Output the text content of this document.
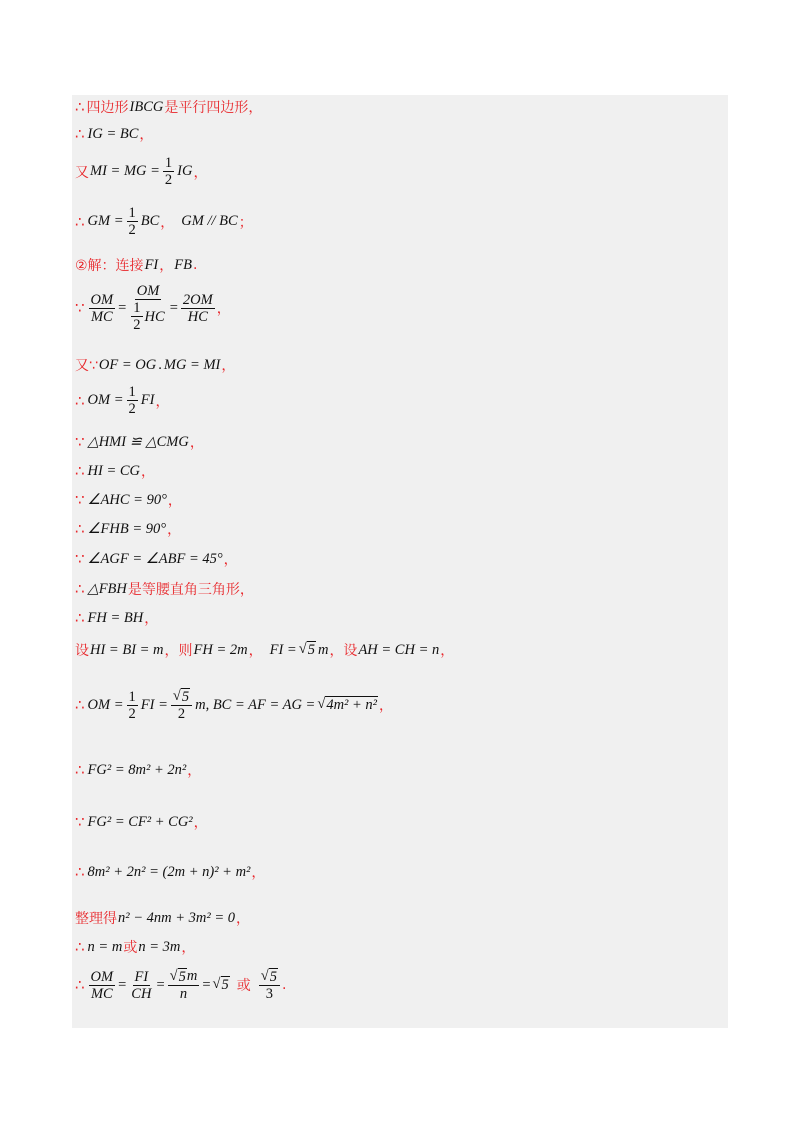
∴ 四边形 IBCG 是平行四边形，
∴ IG = BC ，
又 MI = MG = $\frac{1}{2}$ IG ，
∴ GM = $\frac{1}{2}$ BC ， GM // BC ；
②解：连接 FI ， FB .
∵ $\frac{OM}{MC}$ = OM
1
2
HC = $\frac{2OM}{HC}$ ，
又∵ OF = OG . MG = MI ，
∴ OM = $\frac{1}{2}$ FI ，
∵ △HMI ≌ △CMG ，
∴ HI = CG ，
∵ ∠AHC = 90° ，
∴ ∠FHB = 90° ，
∵ ∠AGF = ∠ABF = 45° ，
∴ △FBH 是等腰直角三角形，
∴ FH = BH ，
设 HI = BI = m ，则 FH = 2m ， FI = √ 5 m ，设 AH = CH = n ，
∴ OM = $\frac{1}{2}$ FI = $\frac{√ 5}{2} m$, BC = AF = AG = √ 4m² + n² ，
∴ FG² = 8m² + 2n² ，
∵ FG² = CF² + CG² ，
∴ 8m² + 2n² = (2m + n)² + m² ，
整理得 n² − 4nm + 3m² = 0 ，
∴ n = m 或 n = 3m ，
∴ $\frac{OM}{MC} = \frac{FI}{CH} = \frac{√ 5 m}{n}$ = √ 5 或
√ 5
3
.
